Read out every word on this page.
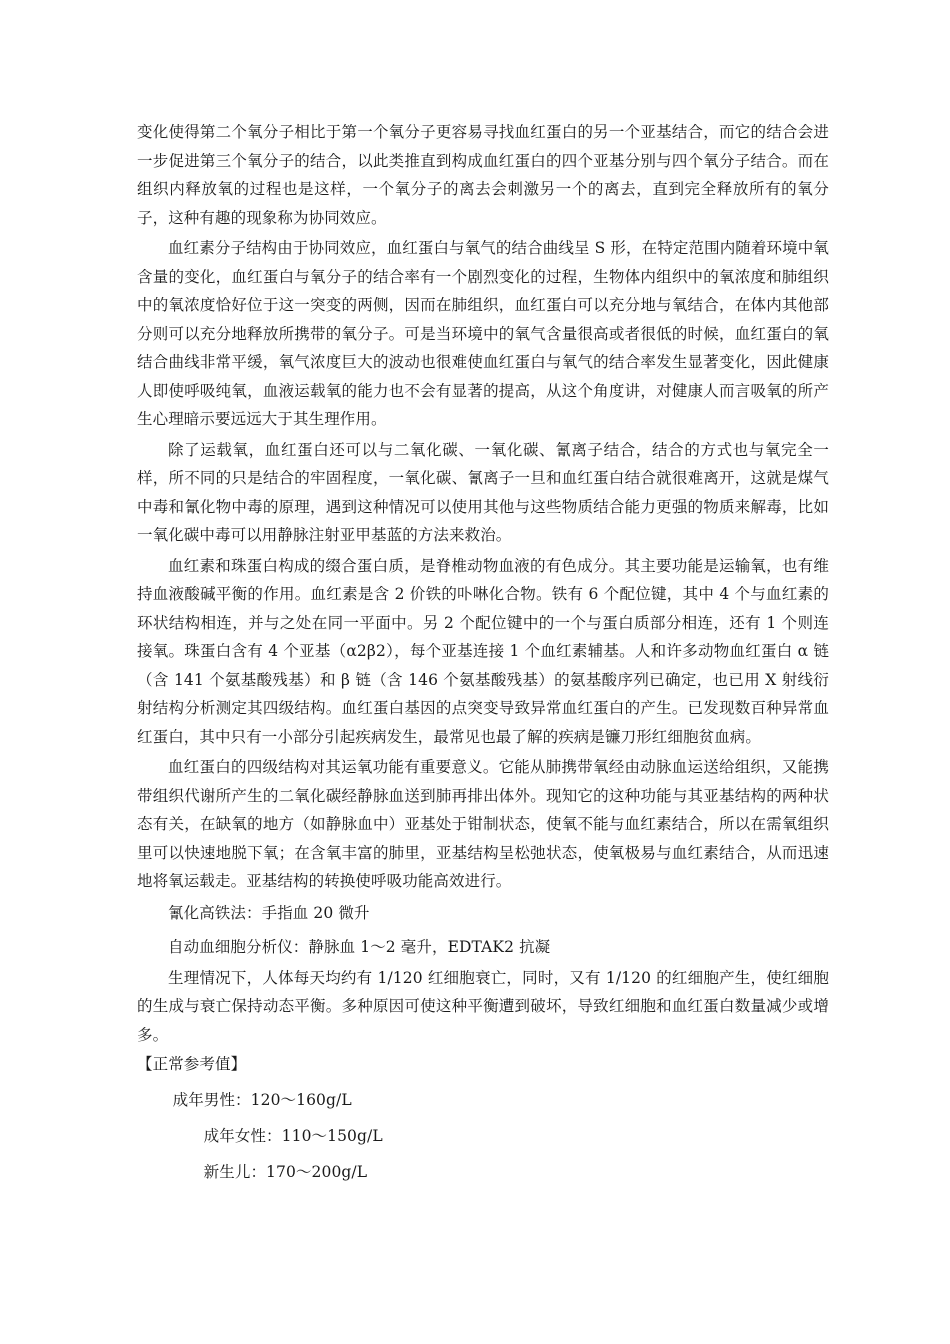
变化使得第二个氧分子相比于第一个氧分子更容易寻找血红蛋白的另一个亚基结合，而它的结合会进一步促进第三个氧分子的结合，以此类推直到构成血红蛋白的四个亚基分别与四个氧分子结合。而在组织内释放氧的过程也是这样，一个氧分子的离去会刺激另一个的离去，直到完全释放所有的氧分子，这种有趣的现象称为协同效应。

血红素分子结构由于协同效应，血红蛋白与氧气的结合曲线呈 S 形，在特定范围内随着环境中氧含量的变化，血红蛋白与氧分子的结合率有一个剧烈变化的过程，生物体内组织中的氧浓度和肺组织中的氧浓度恰好位于这一突变的两侧，因而在肺组织，血红蛋白可以充分地与氧结合，在体内其他部分则可以充分地释放所携带的氧分子。可是当环境中的氧气含量很高或者很低的时候，血红蛋白的氧结合曲线非常平缓，氧气浓度巨大的波动也很难使血红蛋白与氧气的结合率发生显著变化，因此健康人即使呼吸纯氧，血液运载氧的能力也不会有显著的提高，从这个角度讲，对健康人而言吸氧的所产生心理暗示要远远大于其生理作用。

除了运载氧，血红蛋白还可以与二氧化碳、一氧化碳、氰离子结合，结合的方式也与氧完全一样，所不同的只是结合的牢固程度，一氧化碳、氰离子一旦和血红蛋白结合就很难离开，这就是煤气中毒和氰化物中毒的原理，遇到这种情况可以使用其他与这些物质结合能力更强的物质来解毒，比如一氧化碳中毒可以用静脉注射亚甲基蓝的方法来救治。

血红素和珠蛋白构成的缀合蛋白质，是脊椎动物血液的有色成分。其主要功能是运输氧，也有维持血液酸碱平衡的作用。血红素是含 2 价铁的卟啉化合物。铁有 6 个配位键，其中 4 个与血红素的环状结构相连，并与之处在同一平面中。另 2 个配位键中的一个与蛋白质部分相连，还有 1 个则连接氧。珠蛋白含有 4 个亚基（α2β2），每个亚基连接 1 个血红素辅基。人和许多动物血红蛋白 α 链（含 141 个氨基酸残基）和 β 链（含 146 个氨基酸残基）的氨基酸序列已确定，也已用 X 射线衍射结构分析测定其四级结构。血红蛋白基因的点突变导致异常血红蛋白的产生。已发现数百种异常血红蛋白，其中只有一小部分引起疾病发生，最常见也最了解的疾病是镰刀形红细胞贫血病。

血红蛋白的四级结构对其运氧功能有重要意义。它能从肺携带氧经由动脉血运送给组织，又能携带组织代谢所产生的二氧化碳经静脉血送到肺再排出体外。现知它的这种功能与其亚基结构的两种状态有关，在缺氧的地方（如静脉血中）亚基处于钳制状态，使氧不能与血红素结合，所以在需氧组织里可以快速地脱下氧；在含氧丰富的肺里，亚基结构呈松弛状态，使氧极易与血红素结合，从而迅速地将氧运载走。亚基结构的转换使呼吸功能高效进行。

氰化高铁法：手指血 20 微升

自动血细胞分析仪：静脉血 1～2 毫升，EDTAK2 抗凝

生理情况下，人体每天均约有 1/120 红细胞衰亡，同时，又有 1/120 的红细胞产生，使红细胞的生成与衰亡保持动态平衡。多种原因可使这种平衡遭到破坏，导致红细胞和血红蛋白数量减少或增多。

【正常参考值】

成年男性：120～160g/L

成年女性：110～150g/L

新生儿：170～200g/L
